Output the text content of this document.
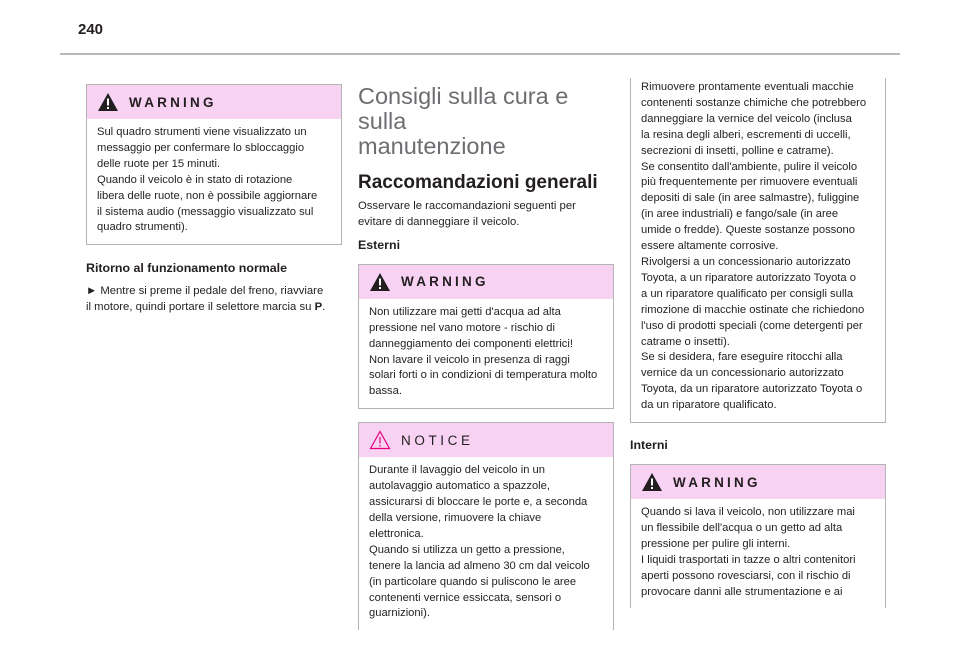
240
WARNING

Sul quadro strumenti viene visualizzato un

messaggio per confermare lo sbloccaggio

delle ruote per 15 minuti.

Quando il veicolo è in stato di rotazione

libera delle ruote, non è possibile aggiornare

il sistema audio (messaggio visualizzato sul

quadro strumenti).

Ritorno al funzionamento normale

► Mentre si preme il pedale del freno, riavviare

il motore, quindi portare il selettore marcia su P.

Consigli sulla cura e sulla
manutenzione
Raccomandazioni generali

Osservare le raccomandazioni seguenti per

evitare di danneggiare il veicolo.

Esterni
WARNING

Non utilizzare mai getti d'acqua ad alta

pressione nel vano motore - rischio di

danneggiamento dei componenti elettrici!

Non lavare il veicolo in presenza di raggi

solari forti o in condizioni di temperatura molto

bassa.

NOTICE

Durante il lavaggio del veicolo in un

autolavaggio automatico a spazzole,

assicurarsi di bloccare le porte e, a seconda

della versione, rimuovere la chiave

elettronica.

Quando si utilizza un getto a pressione,

tenere la lancia ad almeno 30 cm dal veicolo

(in particolare quando si puliscono le aree

contenenti vernice essiccata, sensori o

guarnizioni).

Rimuovere prontamente eventuali macchie

contenenti sostanze chimiche che potrebbero

danneggiare la vernice del veicolo (inclusa

la resina degli alberi, escrementi di uccelli,

secrezioni di insetti, polline e catrame).

Se consentito dall'ambiente, pulire il veicolo

più frequentemente per rimuovere eventuali

depositi di sale (in aree salmastre), fuliggine

(in aree industriali) e fango/sale (in aree

umide o fredde). Queste sostanze possono

essere altamente corrosive.

Rivolgersi a un concessionario autorizzato

Toyota, a un riparatore autorizzato Toyota o

a un riparatore qualificato per consigli sulla

rimozione di macchie ostinate che richiedono

l'uso di prodotti speciali (come detergenti per

catrame o insetti).

Se si desidera, fare eseguire ritocchi alla

vernice da un concessionario autorizzato

Toyota, da un riparatore autorizzato Toyota o

da un riparatore qualificato.

Interni
WARNING

Quando si lava il veicolo, non utilizzare mai

un flessibile dell'acqua o un getto ad alta

pressione per pulire gli interni.

I liquidi trasportati in tazze o altri contenitori

aperti possono rovesciarsi, con il rischio di

provocare danni alle strumentazione e ai
